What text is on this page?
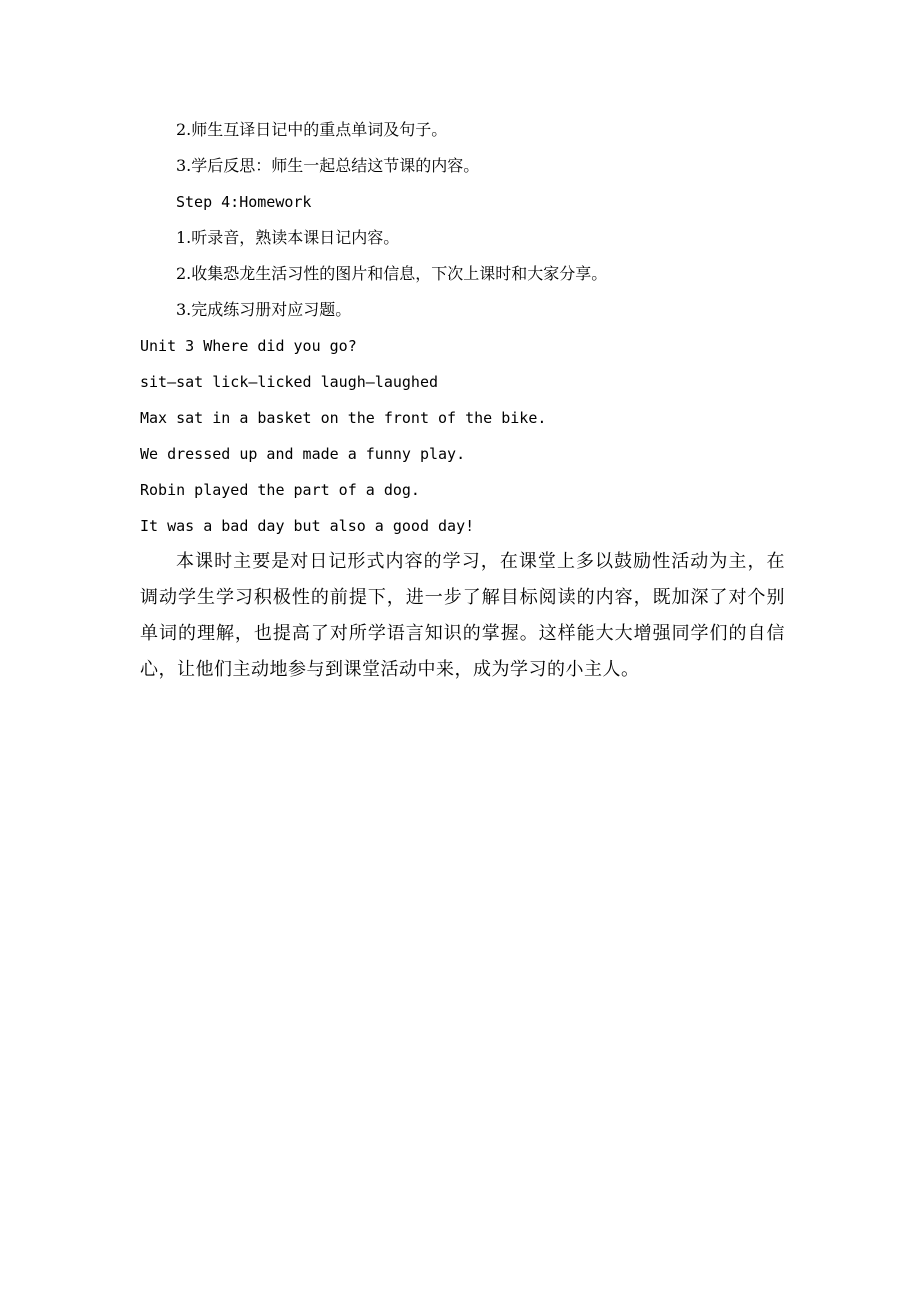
2.师生互译日记中的重点单词及句子。
3.学后反思：师生一起总结这节课的内容。
Step 4:Homework
1.听录音，熟读本课日记内容。
2.收集恐龙生活习性的图片和信息，下次上课时和大家分享。
3.完成练习册对应习题。
Unit 3 Where did you go?
sit—sat lick—licked laugh—laughed
Max sat in a basket on the front of the bike.
We dressed up and made a funny play.
Robin played the part of a dog.
It was a bad day but also a good day!

本课时主要是对日记形式内容的学习，在课堂上多以鼓励性活动为主，在调动学生学习积极性的前提下，进一步了解目标阅读的内容，既加深了对个别单词的理解，也提高了对所学语言知识的掌握。这样能大大增强同学们的自信心，让他们主动地参与到课堂活动中来，成为学习的小主人。
